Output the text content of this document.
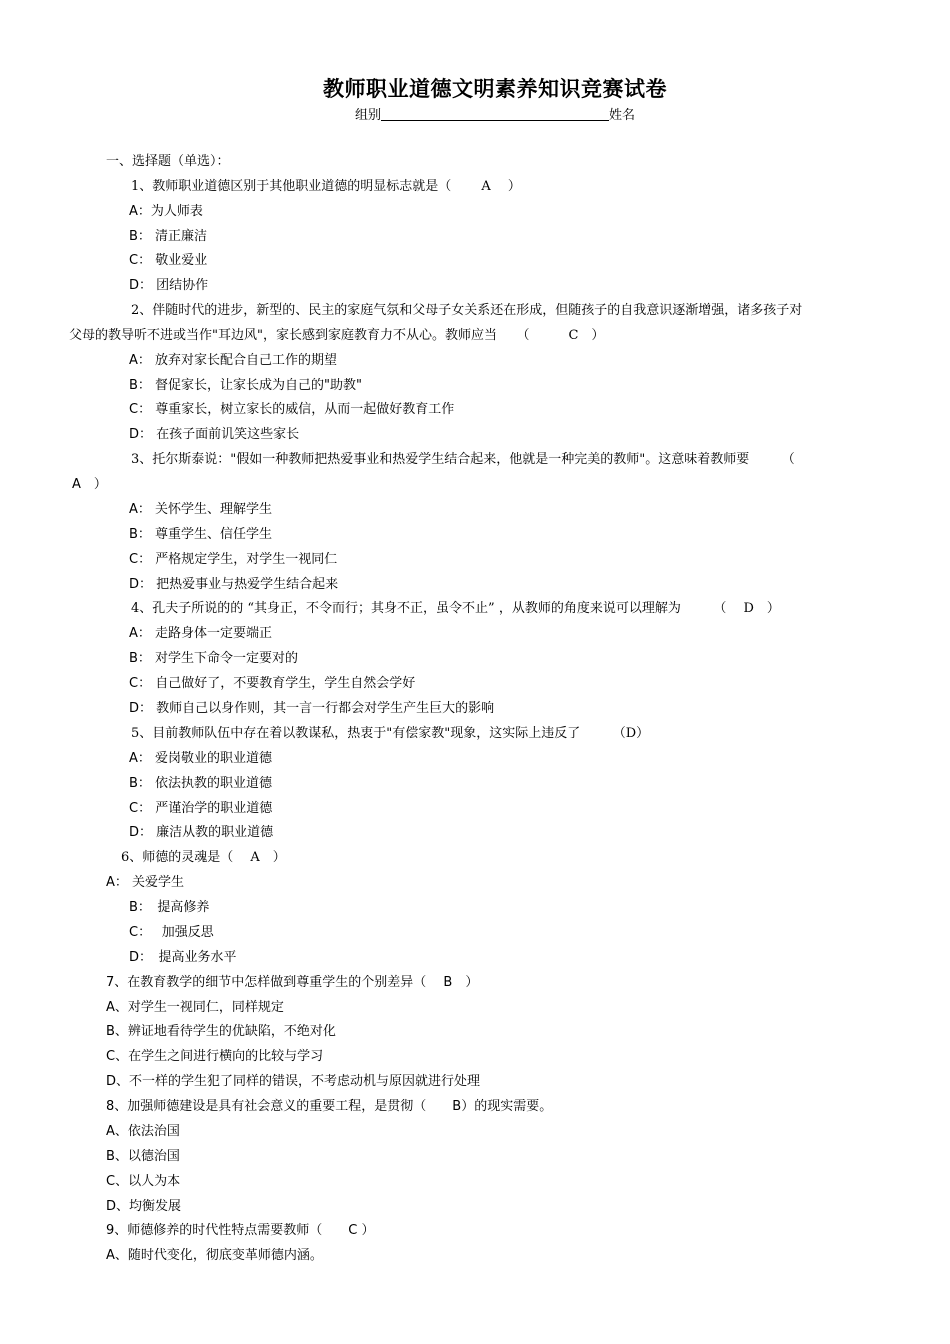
教师职业道德文明素养知识竞赛试卷
组别	姓名
一、选择题（单选）：
1、教师职业道德区别于其他职业道德的明显标志就是（　　 A 　）
A：为人师表
B： 清正廉洁
C： 敬业爱业
D： 团结协作
2、伴随时代的进步，新型的、民主的家庭气氛和父母子女关系还在形成，但随孩子的自我意识逐渐增强，诸多孩子对
父母的教导听不进或当作"耳边风"，家长感到家庭教育力不从心。教师应当　　（　　　C　）
A： 放弃对家长配合自己工作的期望
B： 督促家长，让家长成为自己的"助教"
C： 尊重家长，树立家长的威信，从而一起做好教育工作
D： 在孩子面前讥笑这些家长
3、托尔斯泰说："假如一种教师把热爱事业和热爱学生结合起来，他就是一种完美的教师"。这意味着教师要　　　（
A　）
A： 关怀学生、理解学生
B： 尊重学生、信任学生
C： 严格规定学生，对学生一视同仁
D： 把热爱事业与热爱学生结合起来
4、孔夫子所说的的 “其身正，不令而行；其身不正，虽令不止” ，从教师的角度来说可以理解为　　　（　 D　）
A： 走路身体一定要端正
B： 对学生下命令一定要对的
C： 自己做好了，不要教育学生，学生自然会学好
D： 教师自己以身作则，其一言一行都会对学生产生巨大的影响
5、目前教师队伍中存在着以教谋私，热衷于"有偿家教"现象，这实际上违反了　　　（D）
A： 爱岗敬业的职业道德
B： 依法执教的职业道德
C： 严谨治学的职业道德
D： 廉洁从教的职业道德
6、师德的灵魂是（　 A　）
A： 关爱学生
B：　提高修养
C：　 加强反思
D：　提高业务水平
7、在教育教学的细节中怎样做到尊重学生的个别差异（　 B　）
A、对学生一视同仁，同样规定
B、辨证地看待学生的优缺陷，不绝对化
C、在学生之间进行横向的比较与学习
D、不一样的学生犯了同样的错误，不考虑动机与原因就进行处理
8、加强师德建设是具有社会意义的重要工程，是贯彻（　　B）的现实需要。
A、依法治国
B、以德治国
C、以人为本
D、均衡发展
9、师德修养的时代性特点需要教师（　　C ）
A、随时代变化，彻底变革师德内涵。
